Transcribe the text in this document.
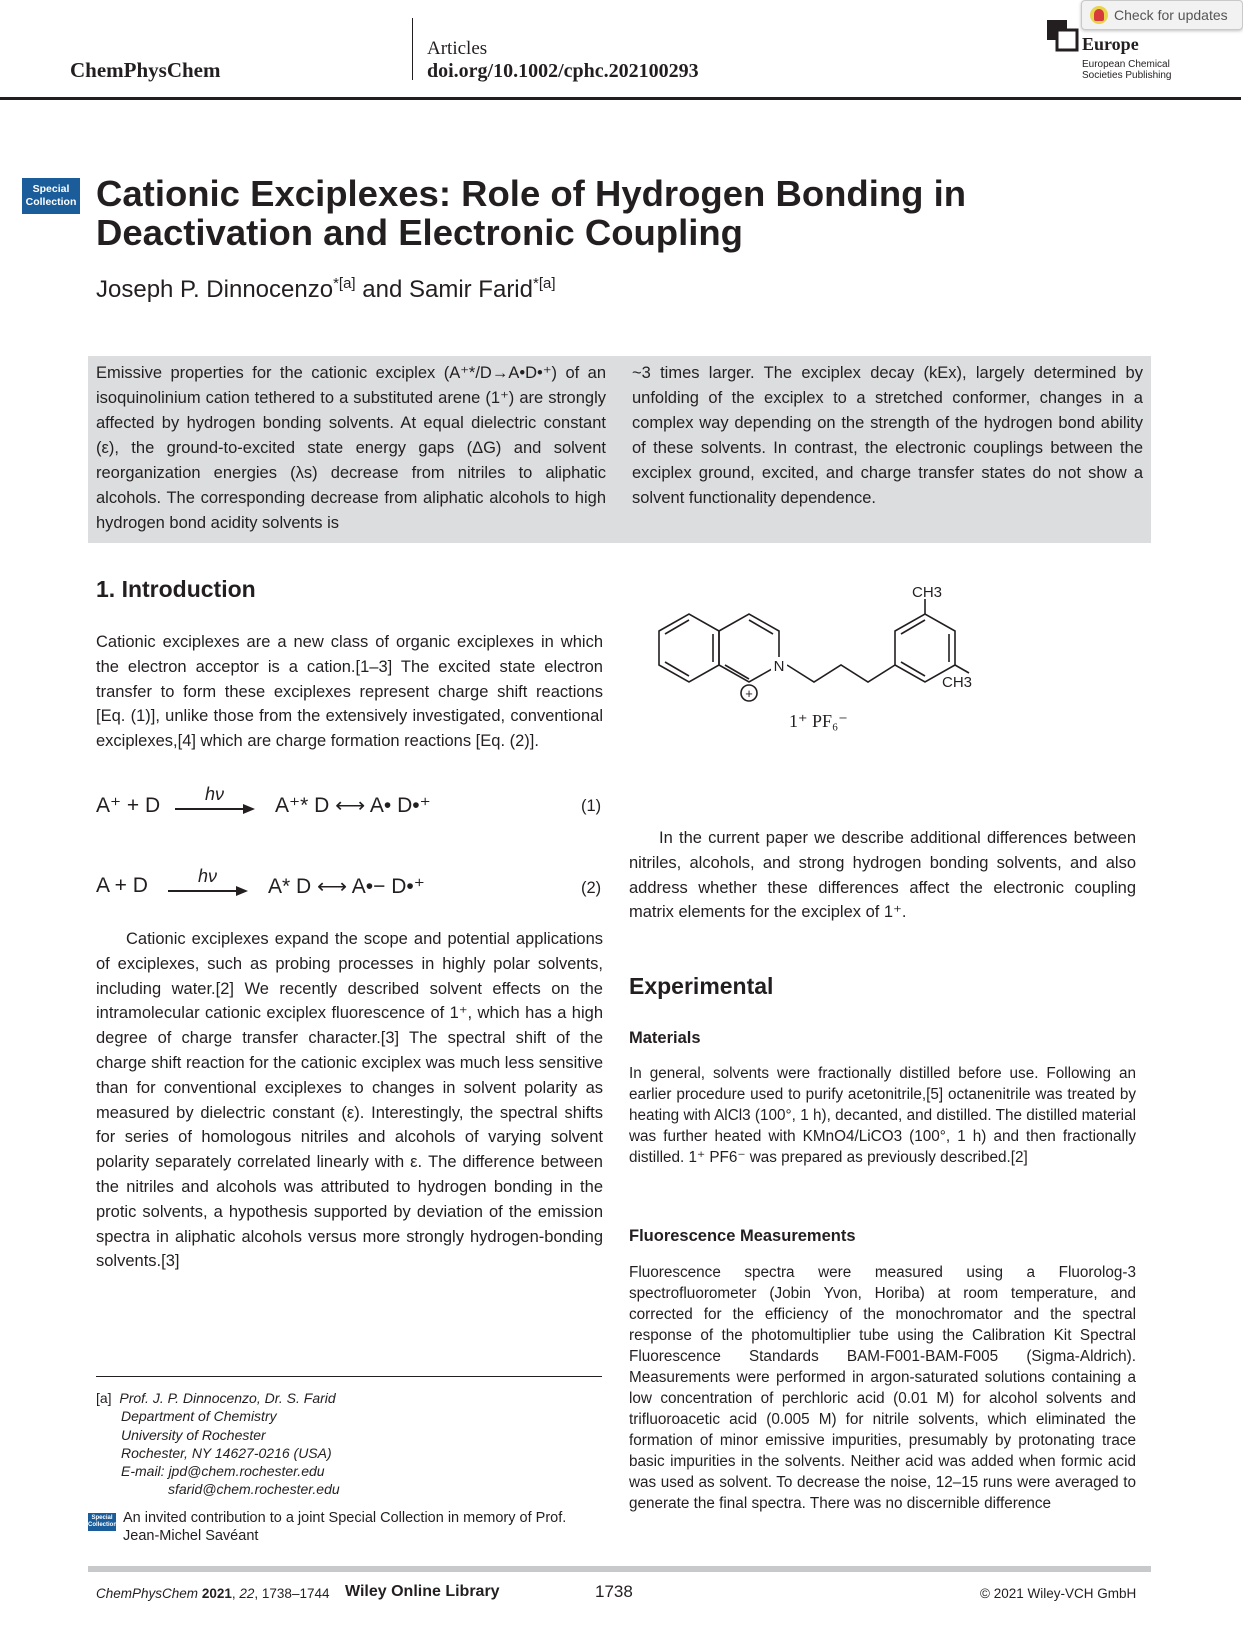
ChemPhysChem
Articles
doi.org/10.1002/cphc.202100293
Europe
European Chemical
Societies Publishing
Check for updates
Special
Collection Cationic Exciplexes: Role of Hydrogen Bonding in Deactivation and Electronic Coupling
Joseph P. Dinnocenzo$^{*[a]}$ and Samir Farid$^{*[a]}$
Emissive properties for the cationic exciplex (A⁺*/D→A•D•⁺) of an isoquinolinium cation tethered to a substituted arene (1⁺) are strongly affected by hydrogen bonding solvents. At equal dielectric constant (ε), the ground-to-excited state energy gaps (ΔG) and solvent reorganization energies (λs) decrease from nitriles to aliphatic alcohols. The corresponding decrease from aliphatic alcohols to high hydrogen bond acidity solvents is
~3 times larger. The exciplex decay (kEx), largely determined by unfolding of the exciplex to a stretched conformer, changes in a complex way depending on the strength of the hydrogen bond ability of these solvents. In contrast, the electronic couplings between the exciplex ground, excited, and charge transfer states do not show a solvent functionality dependence.
1. Introduction
Cationic exciplexes are a new class of organic exciplexes in which the electron acceptor is a cation.[1–3] The excited state electron transfer to form these exciplexes represent charge shift reactions [Eq. (1)], unlike those from the extensively investigated, conventional exciplexes,[4] which are charge formation reactions [Eq. (2)].
A⁺ + D hν A⁺* D ⟷ A• D•⁺	(1)
A + D	hν A* D ⟷ A•− D•⁺	(2)
Cationic exciplexes expand the scope and potential applications of exciplexes, such as probing processes in highly polar solvents, including water.[2] We recently described solvent effects on the intramolecular cationic exciplex fluorescence of 1⁺, which has a high degree of charge transfer character.[3] The spectral shift of the charge shift reaction for the cationic exciplex was much less sensitive than for conventional exciplexes to changes in solvent polarity as measured by dielectric constant (ε). Interestingly, the spectral shifts for series of homologous nitriles and alcohols of varying solvent polarity separately correlated linearly with ε. The difference between the nitriles and alcohols was attributed to hydrogen bonding in the protic solvents, a hypothesis supported by deviation of the emission spectra in aliphatic alcohols versus more strongly hydrogen-bonding solvents.[3]
[a] Prof. J. P. Dinnocenzo, Dr. S. Farid
Department of Chemistry
University of Rochester
Rochester, NY 14627-0216 (USA)
E-mail: jpd@chem.rochester.edu
sfarid@chem.rochester.edu
Special
Collection An invited contribution to a joint Special Collection in memory of Prof. Jean-Michel Savéant
N
+
CH3
CH3
1⁺ PF₆⁻
In the current paper we describe additional differences between nitriles, alcohols, and strong hydrogen bonding solvents, and also address whether these differences affect the electronic coupling matrix elements for the exciplex of 1⁺.
Experimental
Materials
In general, solvents were fractionally distilled before use. Following an earlier procedure used to purify acetonitrile,[5] octanenitrile was treated by heating with AlCl3 (100°, 1 h), decanted, and distilled. The distilled material was further heated with KMnO4/LiCO3 (100°, 1 h) and then fractionally distilled. 1⁺ PF6⁻ was prepared as previously described.[2]
Fluorescence Measurements
Fluorescence spectra were measured using a Fluorolog-3 spectrofluorometer (Jobin Yvon, Horiba) at room temperature, and corrected for the efficiency of the monochromator and the spectral response of the photomultiplier tube using the Calibration Kit Spectral Fluorescence Standards BAM-F001-BAM-F005 (Sigma-Aldrich). Measurements were performed in argon-saturated solutions containing a low concentration of perchloric acid (0.01 M) for alcohol solvents and trifluoroacetic acid (0.005 M) for nitrile solvents, which eliminated the formation of minor emissive impurities, presumably by protonating trace basic impurities in the solvents. Neither acid was added when formic acid was used as solvent. To decrease the noise, 12–15 runs were averaged to generate the final spectra. There was no discernible difference
ChemPhysChem 2021, 22, 1738–1744 Wiley Online Library	1738	© 2021 Wiley-VCH GmbH
